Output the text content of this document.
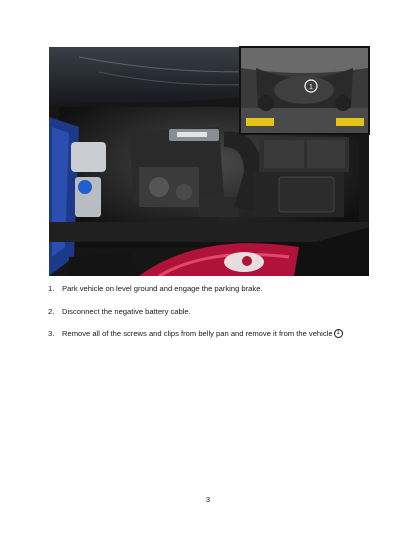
1
1.	Park vehicle on level ground and engage the parking brake.
2.	Disconnect the negative battery cable.
3.	Remove all of the screws and clips from belly pan and remove it from the vehicle 1
3
